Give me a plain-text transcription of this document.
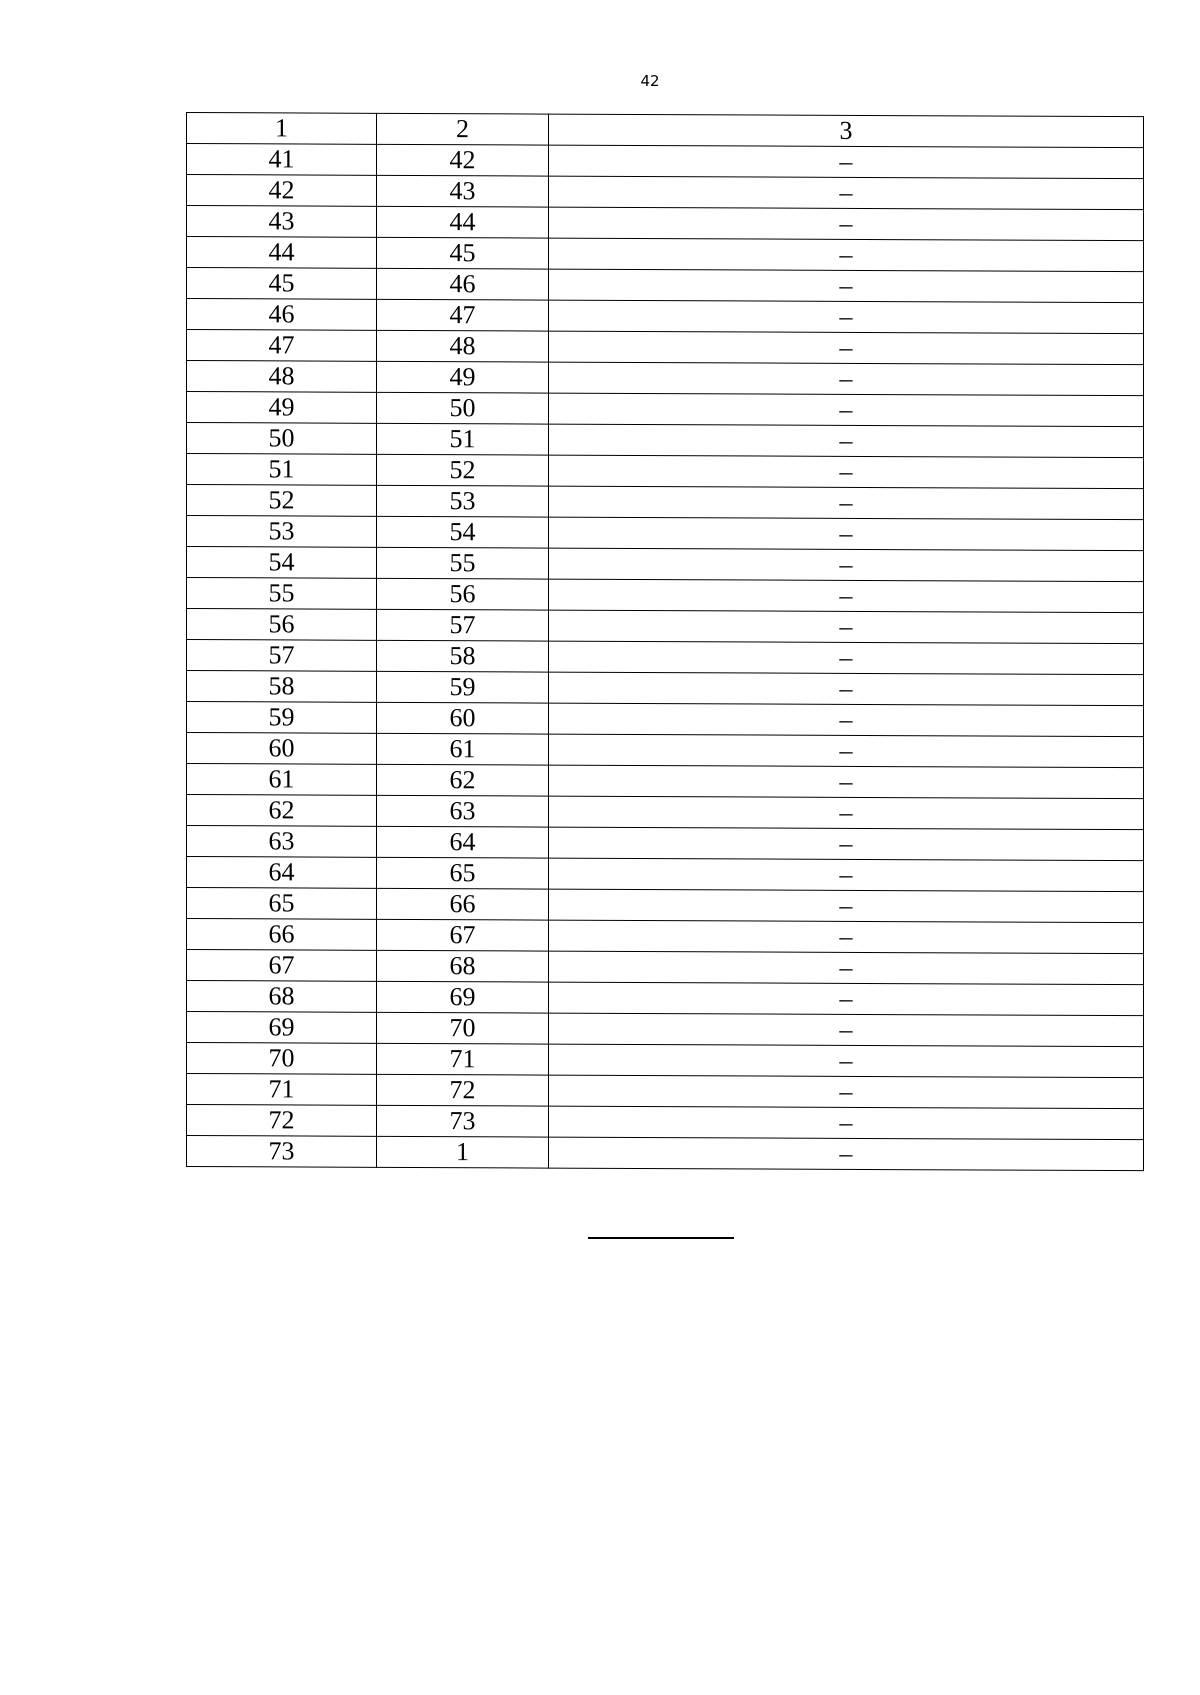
42
1	2	3
41	42	–
42	43	–
43	44	–
44	45	–
45	46	–
46	47	–
47	48	–
48	49	–
49	50	–
50	51	–
51	52	–
52	53	–
53	54	–
54	55	–
55	56	–
56	57	–
57	58	–
58	59	–
59	60	–
60	61	–
61	62	–
62	63	–
63	64	–
64	65	–
65	66	–
66	67	–
67	68	–
68	69	–
69	70	–
70	71	–
71	72	–
72	73	–
73	1	–
